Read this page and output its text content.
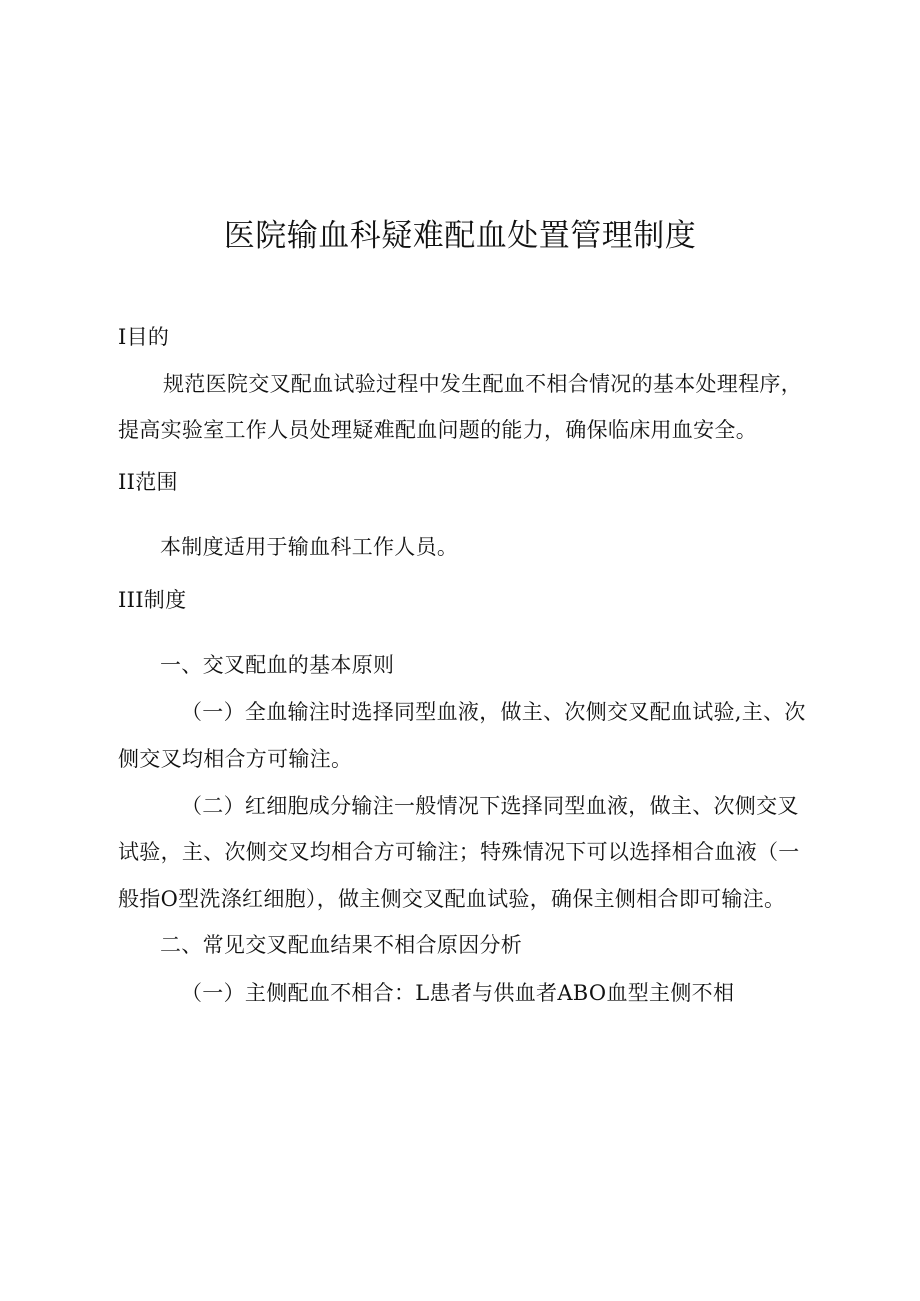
医院输血科疑难配血处置管理制度
I目的
规范医院交叉配血试验过程中发生配血不相合情况的基本处理程序，
提高实验室工作人员处理疑难配血问题的能力，确保临床用血安全。
II范围
本制度适用于输血科工作人员。
III制度
一、交叉配血的基本原则
（一）全血输注时选择同型血液，做主、次侧交叉配血试验,主、次
侧交叉均相合方可输注。
（二）红细胞成分输注一般情况下选择同型血液，做主、次侧交叉
试验，主、次侧交叉均相合方可输注；特殊情况下可以选择相合血液（一
般指O型洗涤红细胞），做主侧交叉配血试验，确保主侧相合即可输注。
二、常见交叉配血结果不相合原因分析
（一）主侧配血不相合：L患者与供血者ABO血型主侧不相
